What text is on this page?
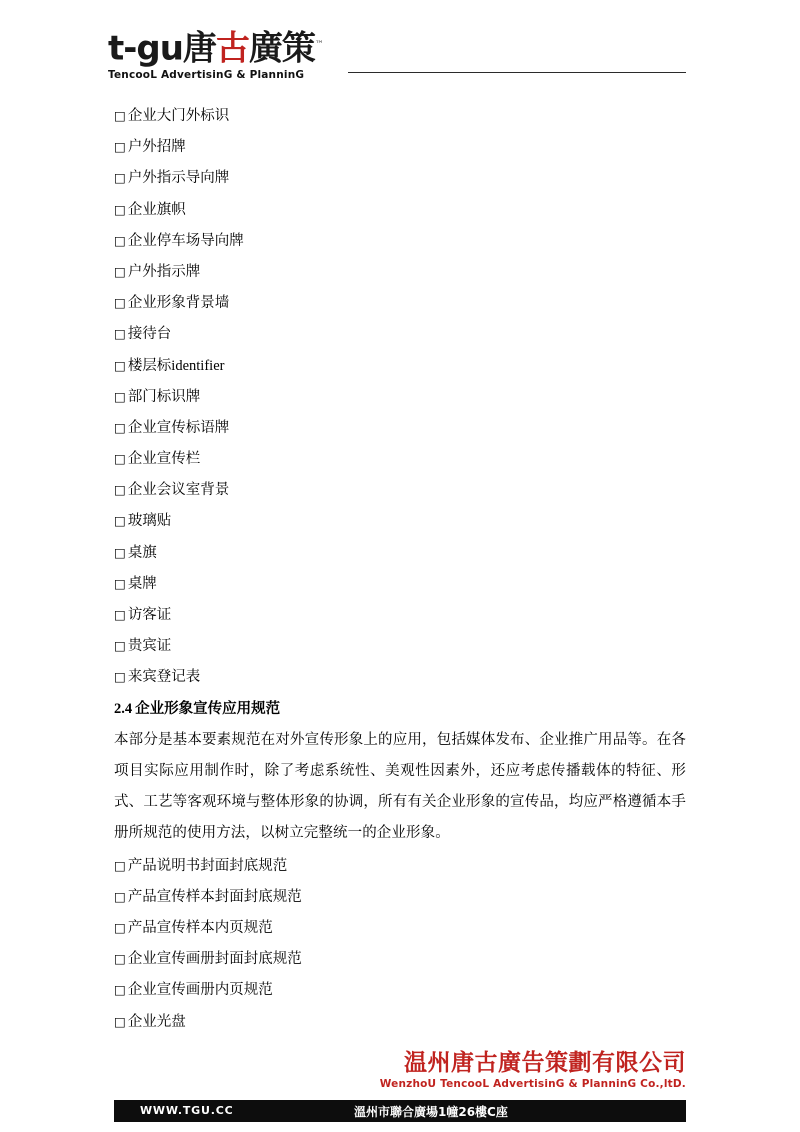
t-gu唐古廣策™
TencooL AdvertisinG & PlanninG
□ 企业大门外标识
□ 户外招牌
□ 户外指示导向牌
□ 企业旗帜
□ 企业停车场导向牌
□ 户外指示牌
□ 企业形象背景墙
□ 接待台
□ 楼层标identifier
□ 部门标识牌
□ 企业宣传标语牌
□ 企业宣传栏
□ 企业会议室背景
□ 玻璃贴
□ 桌旗
□ 桌牌
□ 访客证
□ 贵宾证
□ 来宾登记表
2.4 企业形象宣传应用规范
本部分是基本要素规范在对外宣传形象上的应用，包括媒体发布、企业推广用品等。在各项目实际应用制作时，除了考虑系统性、美观性因素外，还应考虑传播载体的特征、形式、工艺等客观环境与整体形象的协调，所有有关企业形象的宣传品，均应严格遵循本手册所规范的使用方法，以树立完整统一的企业形象。
□ 产品说明书封面封底规范
□ 产品宣传样本封面封底规范
□ 产品宣传样本内页规范
□ 企业宣传画册封面封底规范
□ 企业宣传画册内页规范
□ 企业光盘
温州唐古廣告策劃有限公司
WenzhoU TencooL AdvertisinG & PlanninG Co.,ltD.
WWW.TGU.CC	溫州市聯合廣場1幢26樓C座
